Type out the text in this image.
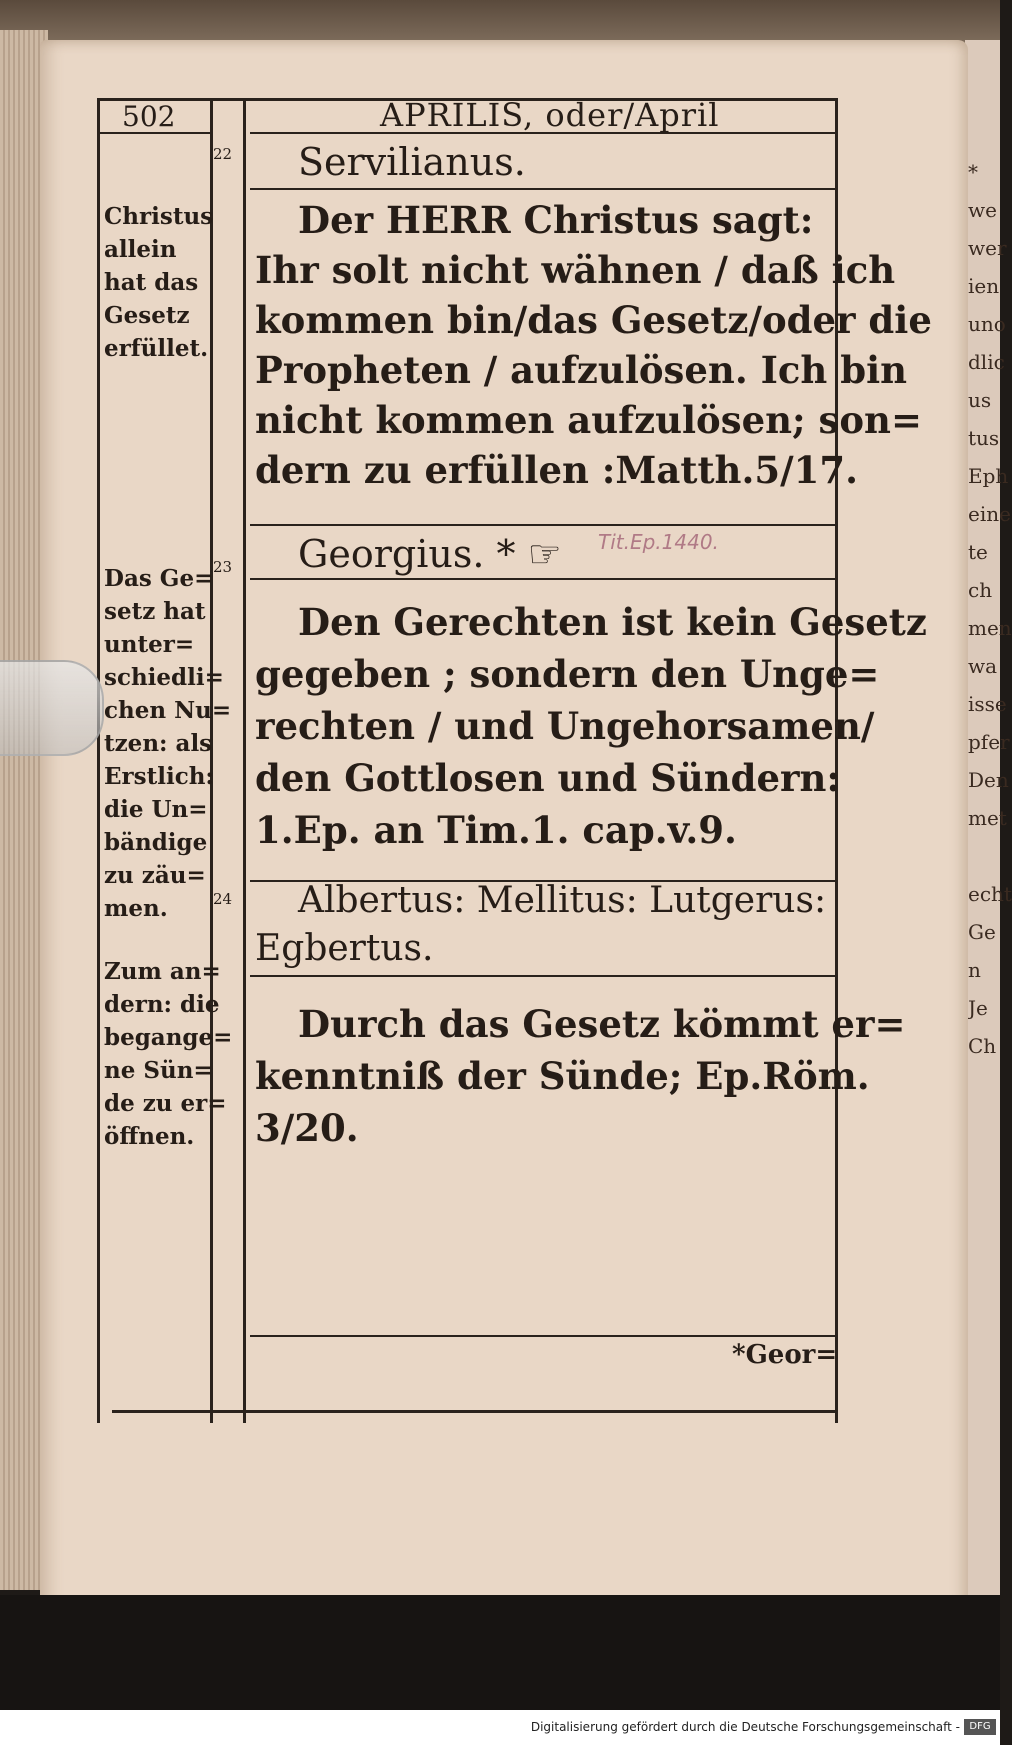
*
we
wer
ien
uno
dlic
us
tus
Eph
eine
te
ch
men
wa
isse
pfer
Den
met
echt
Ge
n
Je
Ch
502	APRILIS, oder/April
22 Servilianus.
Der HERR Christus sagt:
Ihr solt nicht wähnen / daß ich
kommen bin/das Gesetz/oder die
Propheten / aufzulösen. Ich bin
nicht kommen aufzulösen; son=
dern zu erfüllen :Matth.5/17.
23 Georgius. * ☞ Tit.Ep.1440.
Den Gerechten ist kein Gesetz
gegeben ; sondern den Unge=
rechten / und Ungehorsamen/
den Gottlosen und Sündern:
1.Ep. an Tim.1. cap.v.9.
24 Albertus: Mellitus: Lutgerus:
Egbertus.
Durch das Gesetz kömmt er=
kenntniß der Sünde; Ep.Röm.
3/20.
*Geor=
Christus
allein
hat das
Gesetz
erfüllet.
Das Ge=
setz hat
unter=
schiedli=
chen Nu=
tzen: als
Erstlich:
die Un=
bändige
zu zäu=
men.
Zum an=
dern: die
begange=
ne Sün=
de zu er=
öffnen.
Digitalisierung gefördert durch die Deutsche Forschungsgemeinschaft - DFG
